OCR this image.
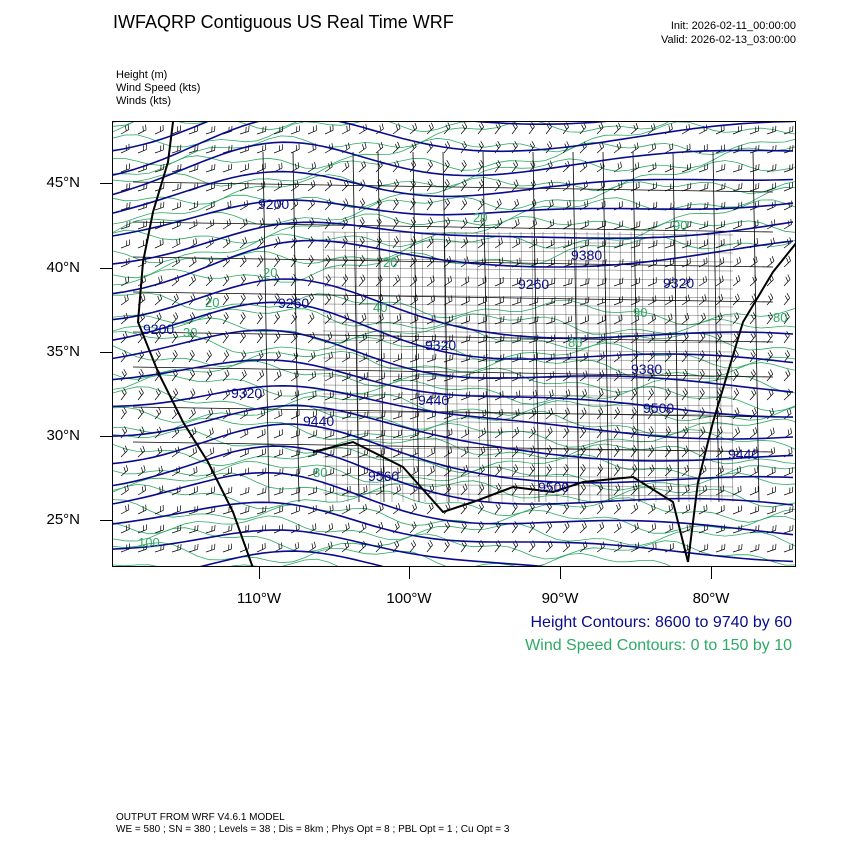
IWFAQRP Contiguous US Real Time WRF	Init: 2026-02-11_00:00:00
Valid: 2026-02-13_03:00:00
Height (m)
Wind Speed (kts)
Winds (kts)
9200
9260
9200
9320
9320	9440
9440
9560
9500
9380
9260	9320
9380
9500
9440
20
20
20
20
30
40
80
80
90	80
90
100
45°N
40°N
35°N
30°N
25°N
110°W	100°W	90°W	80°W
Height Contours: 8600 to 9740 by 60
Wind Speed Contours: 0 to 150 by 10
OUTPUT FROM WRF V4.6.1 MODEL
WE = 580 ; SN = 380 ; Levels = 38 ; Dis = 8km ; Phys Opt = 8 ; PBL Opt = 1 ; Cu Opt = 3
